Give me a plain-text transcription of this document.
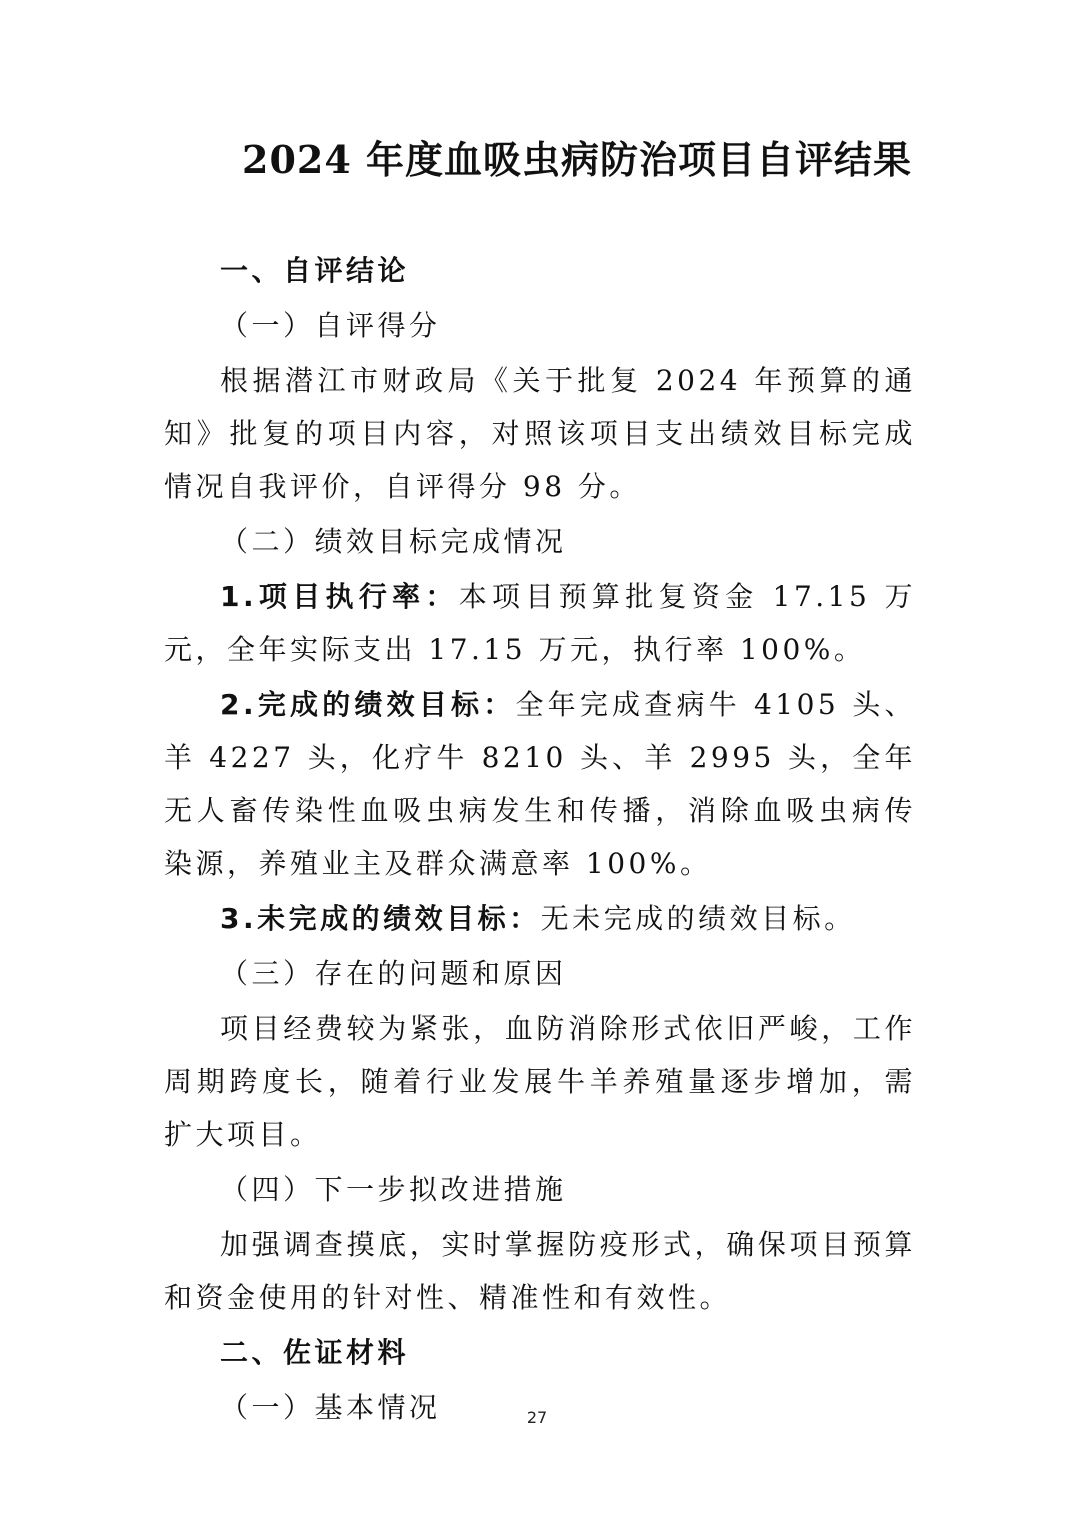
2024 年度血吸虫病防治项目自评结果

一、自评结论

（一）自评得分

根据潜江市财政局《关于批复 2024 年预算的通知》批复的项目内容，对照该项目支出绩效目标完成情况自我评价，自评得分 98 分。

（二）绩效目标完成情况

1.项目执行率：本项目预算批复资金 17.15 万元，全年实际支出 17.15 万元，执行率 100%。

2.完成的绩效目标：全年完成查病牛 4105 头、羊 4227 头，化疗牛 8210 头、羊 2995 头，全年无人畜传染性血吸虫病发生和传播，消除血吸虫病传染源，养殖业主及群众满意率 100%。

3.未完成的绩效目标：无未完成的绩效目标。

（三）存在的问题和原因

项目经费较为紧张，血防消除形式依旧严峻，工作周期跨度长，随着行业发展牛羊养殖量逐步增加，需扩大项目。

（四）下一步拟改进措施

加强调查摸底，实时掌握防疫形式，确保项目预算和资金使用的针对性、精准性和有效性。

二、佐证材料

（一）基本情况	27
